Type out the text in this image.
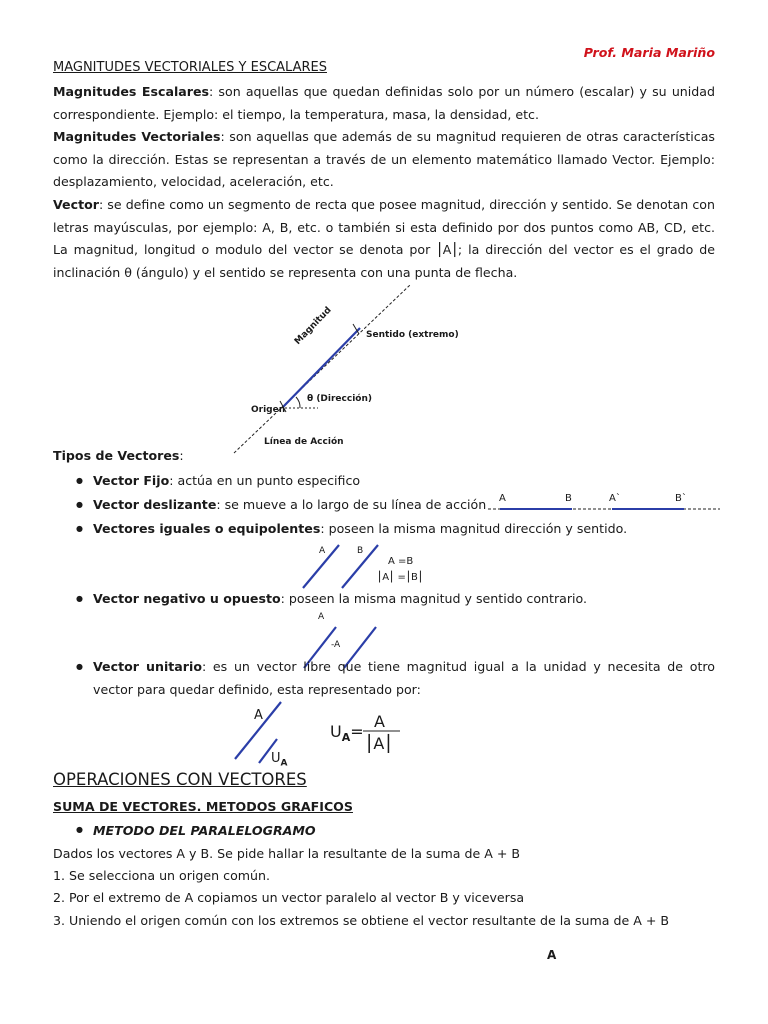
Prof. Maria Mariño
MAGNITUDES VECTORIALES Y ESCALARES
Magnitudes Escalares: son aquellas que quedan definidas solo por un número (escalar) y su unidad correspondiente. Ejemplo: el tiempo, la temperatura, masa, la densidad, etc.
Magnitudes Vectoriales: son aquellas que además de su magnitud requieren de otras características como la dirección. Estas se representan a través de un elemento matemático llamado Vector. Ejemplo: desplazamiento, velocidad, aceleración, etc.
Vector: se define como un segmento de recta que posee magnitud, dirección y sentido. Se denotan con letras mayúsculas, por ejemplo: A, B, etc. o también si esta definido por dos puntos como AB, CD, etc. La magnitud, longitud o modulo del vector se denota por ⎮A⎮; la dirección del vector es el grado de inclinación θ (ángulo) y el sentido se representa con una punta de flecha.
Magnitud	Sentido (extremo)
θ (Dirección)
Origen
Línea de Acción
Tipos de Vectores:
● Vector Fijo: actúa en un punto especifico
● Vector deslizante: se mueve a lo largo de su línea de acción A	B	A`	B`
● Vectores iguales o equipolentes: poseen la misma magnitud dirección y sentido.
A	B
A =B
⎮A⎮ =⎮B⎮
● Vector negativo u opuesto: poseen la misma magnitud y sentido contrario.
A
-A
● Vector unitario: es un vector libre que tiene magnitud igual a la unidad y necesita de otro vector para quedar definido, esta representado por:
A
$U_A$
$U_A=$
A
⎮A⎮
OPERACIONES CON VECTORES
SUMA DE VECTORES. METODOS GRAFICOS
● METODO DEL PARALELOGRAMO
Dados los vectores A y B. Se pide hallar la resultante de la suma de A + B
1. Se selecciona un origen común.
2. Por el extremo de A copiamos un vector paralelo al vector B y viceversa
3. Uniendo el origen común con los extremos se obtiene el vector resultante de la suma de A + B
A
